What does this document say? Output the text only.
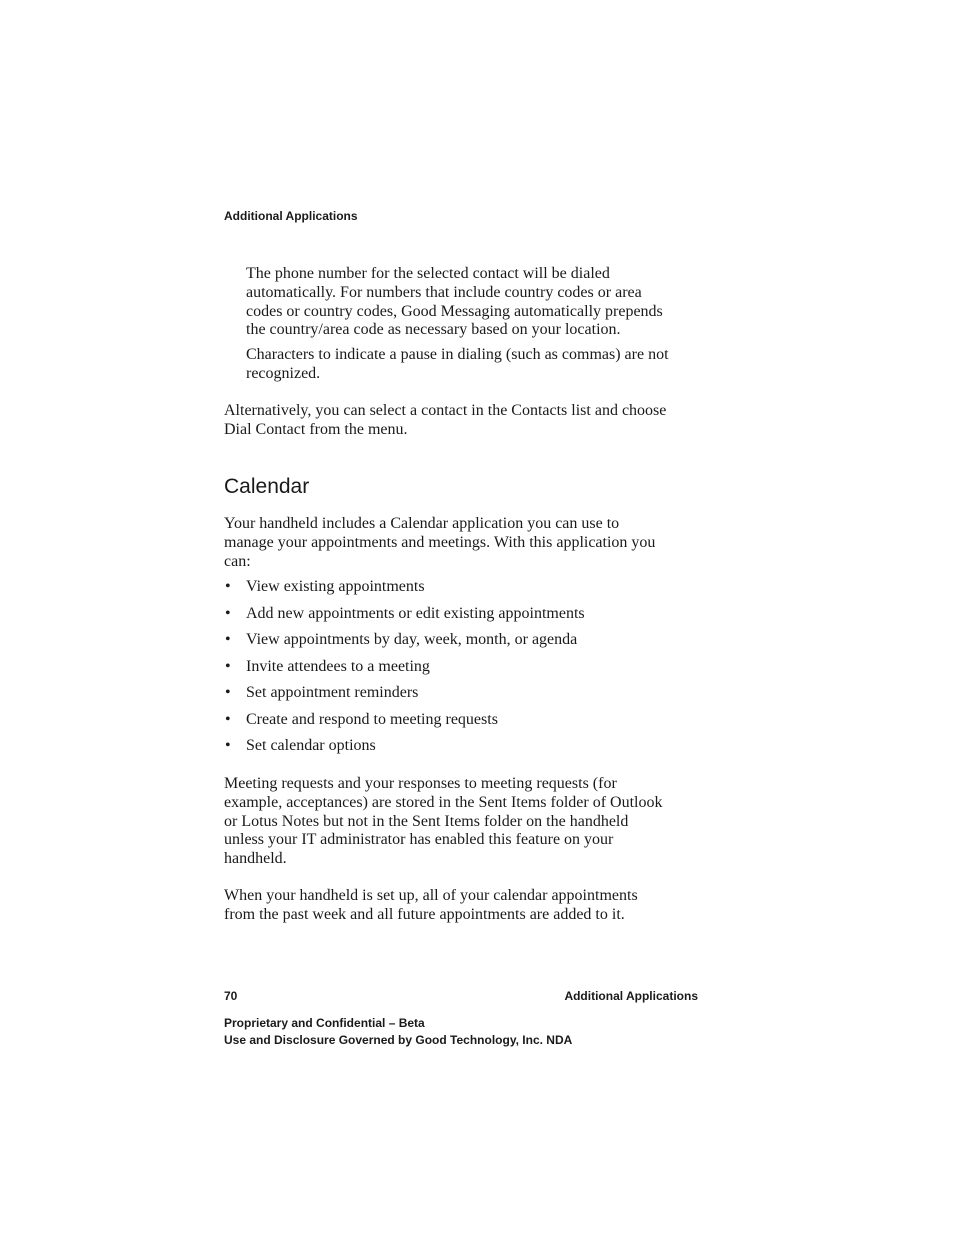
Additional Applications

The phone number for the selected contact will be dialed
automatically. For numbers that include country codes or area
codes or country codes, Good Messaging automatically prepends
the country/area code as necessary based on your location.

Characters to indicate a pause in dialing (such as commas) are not
recognized.

Alternatively, you can select a contact in the Contacts list and choose
Dial Contact from the menu.

Calendar

Your handheld includes a Calendar application you can use to
manage your appointments and meetings. With this application you
can:

• View existing appointments
• Add new appointments or edit existing appointments
• View appointments by day, week, month, or agenda
• Invite attendees to a meeting
• Set appointment reminders
• Create and respond to meeting requests
• Set calendar options

Meeting requests and your responses to meeting requests (for
example, acceptances) are stored in the Sent Items folder of Outlook
or Lotus Notes but not in the Sent Items folder on the handheld
unless your IT administrator has enabled this feature on your
handheld.

When your handheld is set up, all of your calendar appointments
from the past week and all future appointments are added to it.

70	Additional Applications
Proprietary and Confidential – Beta
Use and Disclosure Governed by Good Technology, Inc. NDA
